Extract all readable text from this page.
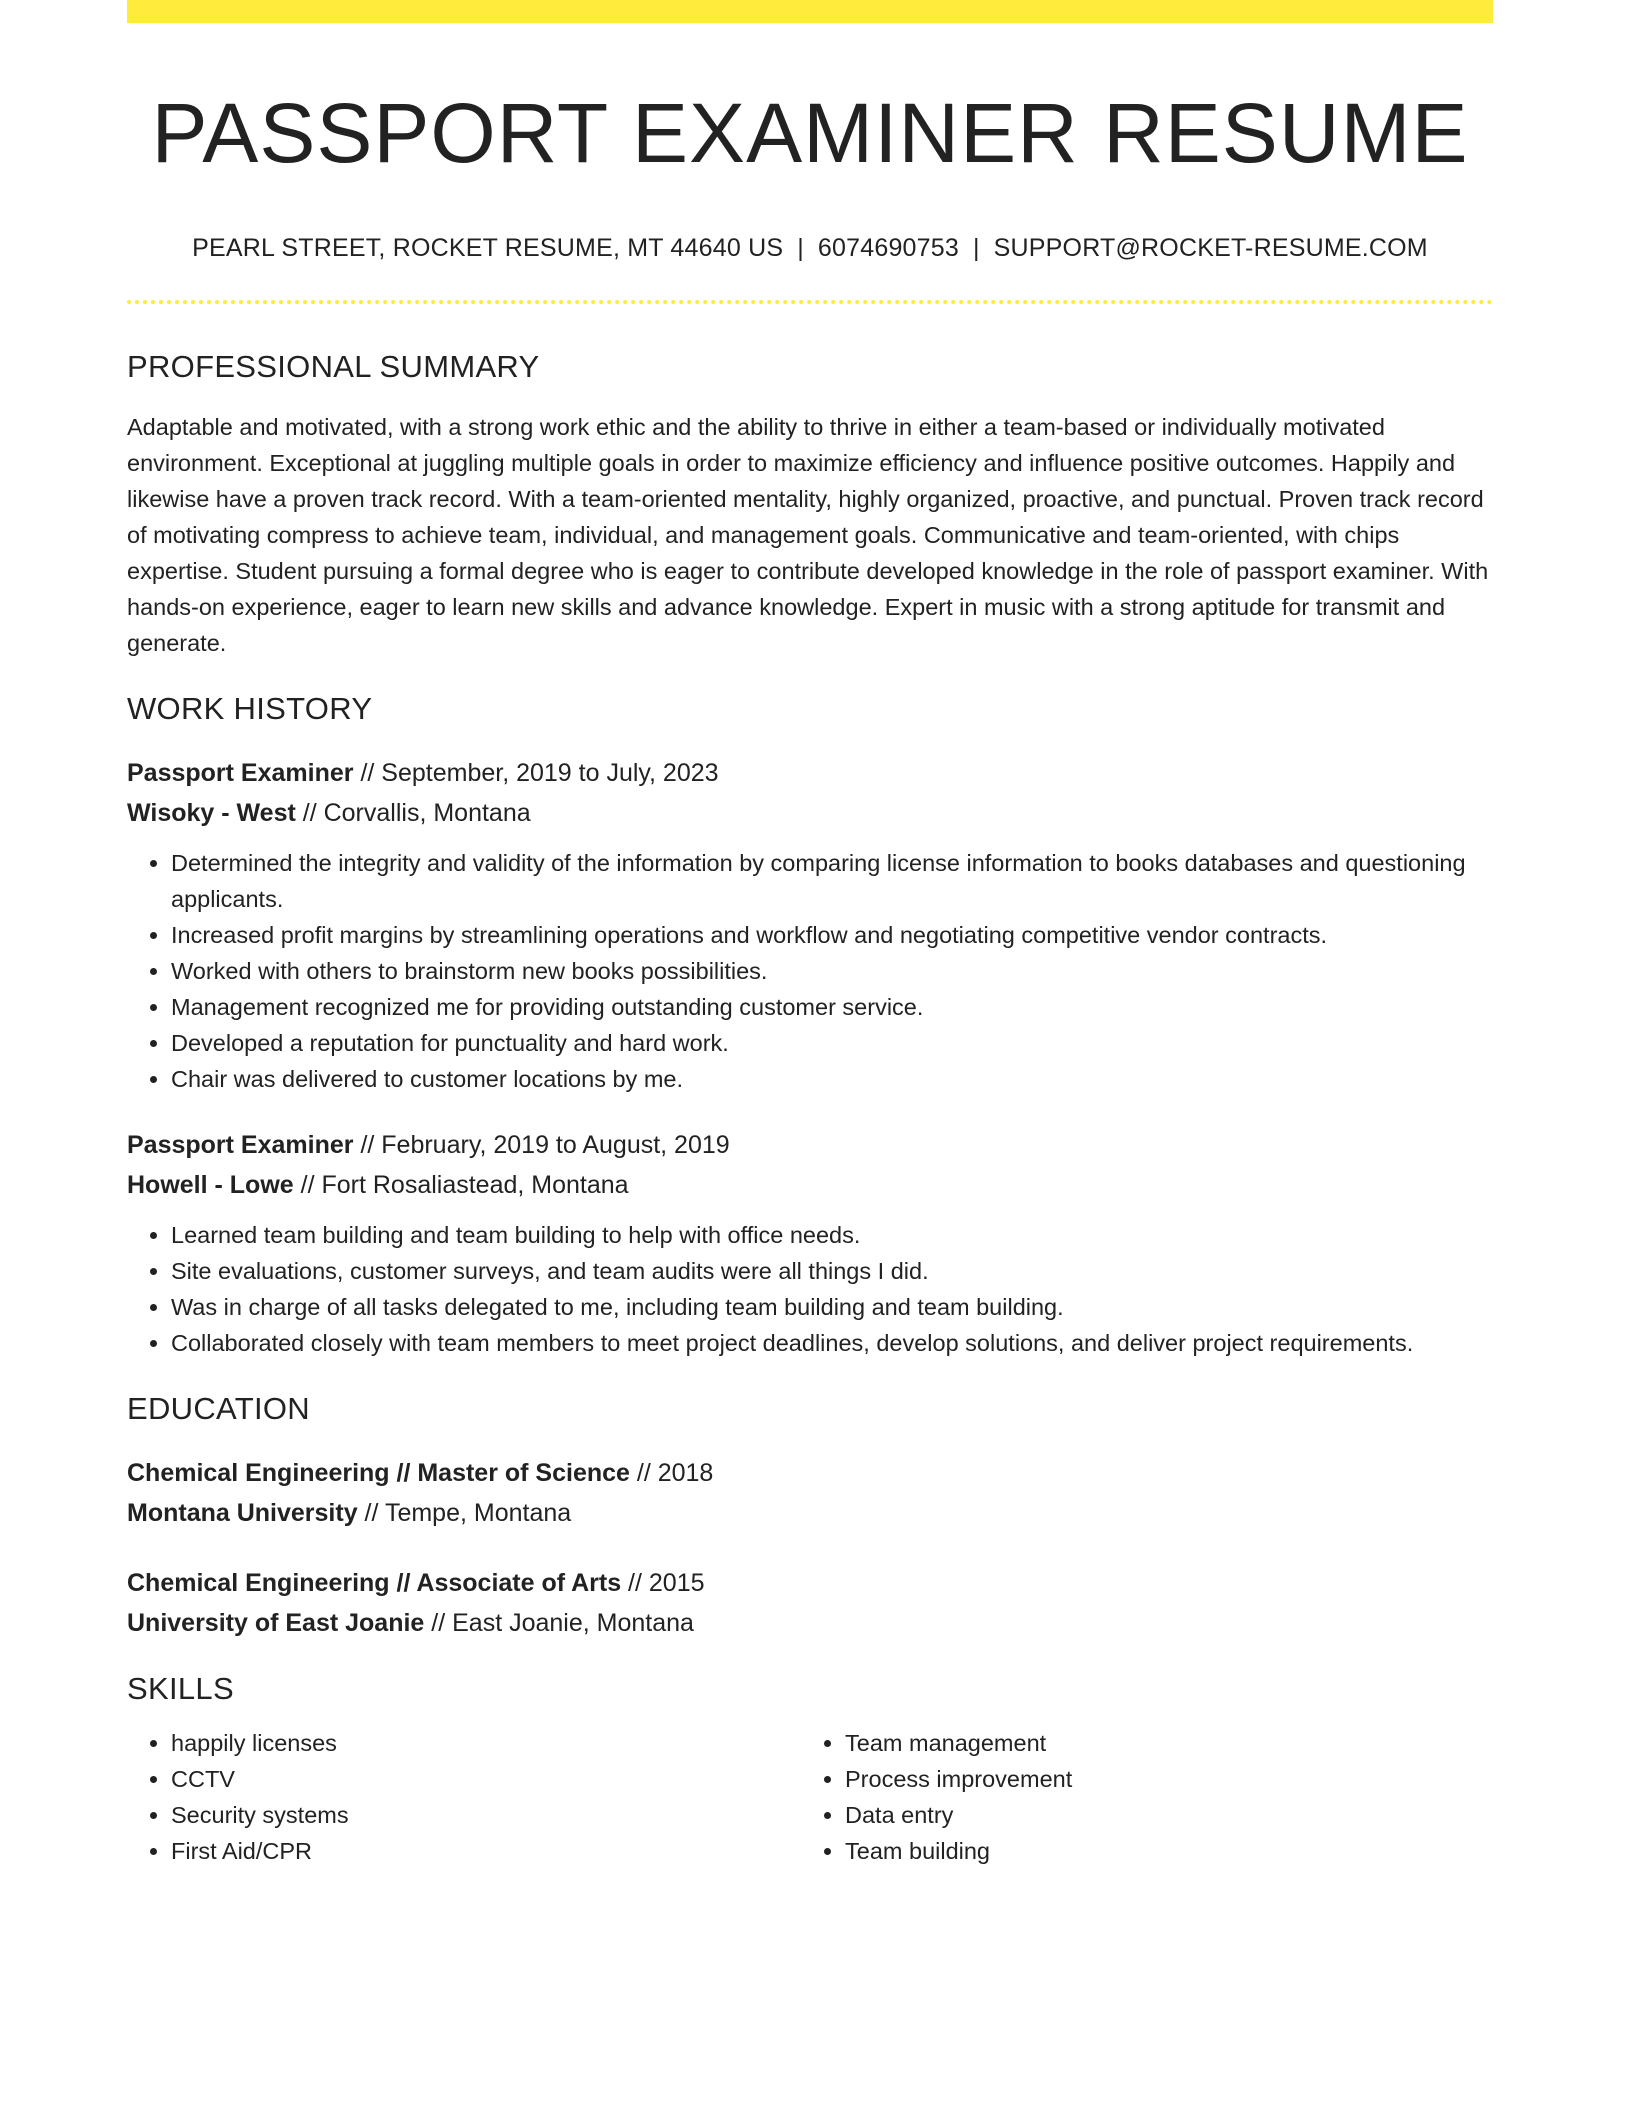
PASSPORT EXAMINER RESUME
PEARL STREET, ROCKET RESUME, MT 44640 US | 6074690753 | SUPPORT@ROCKET-RESUME.COM
PROFESSIONAL SUMMARY

Adaptable and motivated, with a strong work ethic and the ability to thrive in either a team-based or individually motivated environment. Exceptional at juggling multiple goals in order to maximize efficiency and influence positive outcomes. Happily and likewise have a proven track record. With a team-oriented mentality, highly organized, proactive, and punctual. Proven track record of motivating compress to achieve team, individual, and management goals. Communicative and team-oriented, with chips expertise. Student pursuing a formal degree who is eager to contribute developed knowledge in the role of passport examiner. With hands-on experience, eager to learn new skills and advance knowledge. Expert in music with a strong aptitude for transmit and generate.

WORK HISTORY

Passport Examiner // September, 2019 to July, 2023

Wisoky - West // Corvallis, Montana

• Determined the integrity and validity of the information by comparing license information to books databases and questioning applicants.
• Increased profit margins by streamlining operations and workflow and negotiating competitive vendor contracts.
• Worked with others to brainstorm new books possibilities.
• Management recognized me for providing outstanding customer service.
• Developed a reputation for punctuality and hard work.
• Chair was delivered to customer locations by me.

Passport Examiner // February, 2019 to August, 2019

Howell - Lowe // Fort Rosaliastead, Montana

• Learned team building and team building to help with office needs.
• Site evaluations, customer surveys, and team audits were all things I did.
• Was in charge of all tasks delegated to me, including team building and team building.
• Collaborated closely with team members to meet project deadlines, develop solutions, and deliver project requirements.
EDUCATION

Chemical Engineering // Master of Science // 2018

Montana University // Tempe, Montana

Chemical Engineering // Associate of Arts // 2015

University of East Joanie // East Joanie, Montana

SKILLS
• happily licenses
• CCTV
• Security systems
• First Aid/CPR
• Team management
• Process improvement
• Data entry
• Team building
